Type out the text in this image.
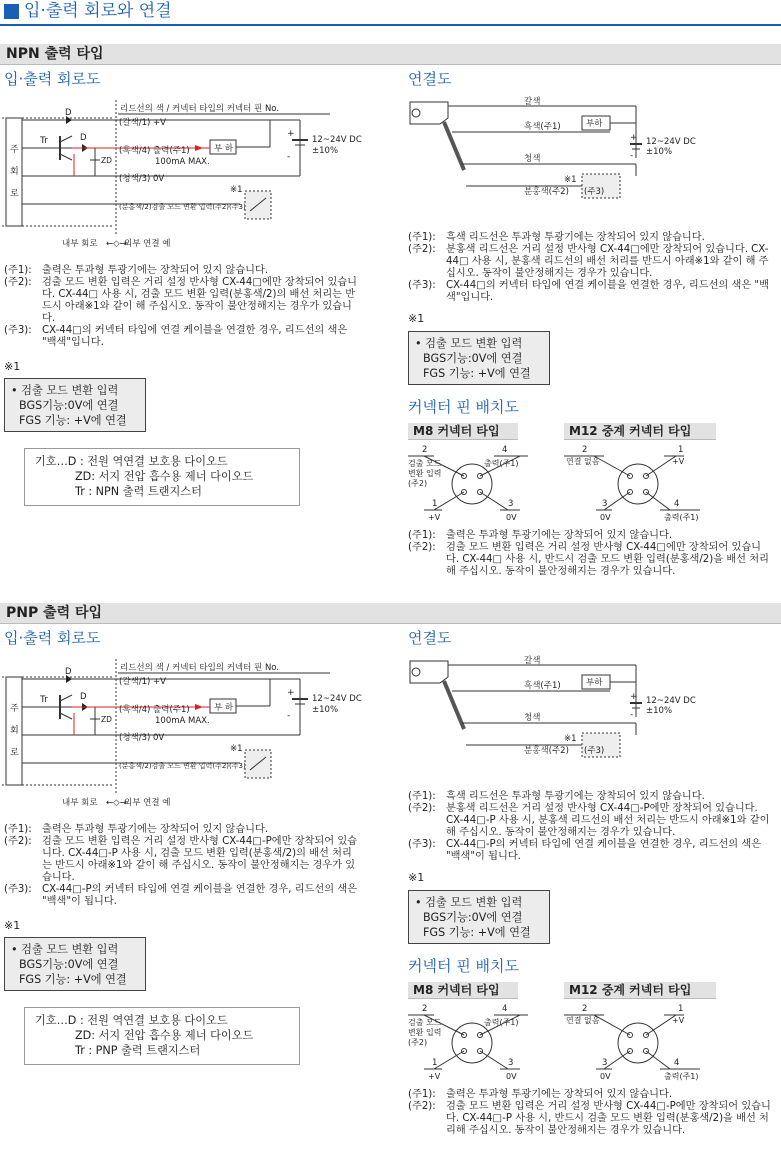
입·출력 회로와 연결
NPN 출력 타입
입·출력 회로도	연결도
리드선의 색 / 커넥터 타입의 커넥터 핀 No.
(갈색/1) +V
(흑색/4) 출력(주1)
(청색/3) 0V
(분홍색/2)검출 모드 변환 입력(주2)(주3)
부 하
100mA MAX.
12~24V DC
±10%
+
-
※1
D
D
Tr
ZD
주
회
로
내부 회로	외부 연결 예
←◇→
갈색
흑색(주1)	부하
청색
분홍색(주2) (주3)
※1
+
-
12~24V DC
±10%
(주1):	출력은 투과형 투광기에는 장착되어 있지 않습니다.
(주2):	검출 모드 변환 입력은 거리 설정 반사형 CX-44□에만 장착되어 있습니다. CX-44□ 사용 시, 검출 모드 변환 입력(분홍색/2)의 배선 처리는 반드시 아래※1와 같이 해 주십시오. 동작이 불안정해지는 경우가 있습니다.
(주3):	CX-44□의 커넥터 타입에 연결 케이블을 연결한 경우, 리드선의 색은 "백색"입니다.
※1
• 검출 모드 변환 입력
BGS기능:0V에 연결
FGS 기능: +V에 연결
기호…D : 전원 역연결 보호용 다이오드
ZD: 서지 전압 흡수용 제너 다이오드
Tr : NPN 출력 트랜지스터
(주1):	흑색 리드선은 투과형 투광기에는 장착되어 있지 않습니다.
(주2):	분홍색 리드선은 거리 설정 반사형 CX-44□에만 장착되어 있습니다. CX-44□ 사용 시, 분홍색 리드선의 배선 처리를 반드시 아래※1와 같이 해 주십시오. 동작이 불안정해지는 경우가 있습니다.
(주3):	CX-44□의 커넥터 타입에 연결 케이블을 연결한 경우, 리드선의 색은 "백색"입니다.
※1
• 검출 모드 변환 입력
BGS기능:0V에 연결
FGS 기능: +V에 연결
커넥터 핀 배치도
M8 커넥터 타입	M12 중계 커넥터 타입
2
검출 모드
변환 입력
(주2)
4
출력(주1)
1
+V
3
0V
2
연결 없음
1
+V
3
0V
4
출력(주1)
(주1):	출력은 투과형 투광기에는 장착되어 있지 않습니다.
(주2):	검출 모드 변환 입력은 거리 설정 반사형 CX-44□에만 장착되어 있습니다. CX-44□ 사용 시, 반드시 검출 모드 변환 입력(분홍색/2)을 배선 처리해 주십시오. 동작이 불안정해지는 경우가 있습니다.
PNP 출력 타입
입·출력 회로도	연결도
리드선의 색 / 커넥터 타입의 커넥터 핀 No.
(갈색/1) +V
(흑색/4) 출력(주1)
(청색/3) 0V
(분홍색/2)검출 모드 변환 입력(주2)(주3)
부 하
100mA MAX.
12~24V DC
±10%
+
-
※1
D
D
Tr
ZD
주
회
로
내부 회로	외부 연결 예
←◇→
갈색
흑색(주1)	부하
청색
분홍색(주2) (주3)
※1
+
-
12~24V DC
±10%
(주1):	출력은 투과형 투광기에는 장착되어 있지 않습니다.
(주2):	검출 모드 변환 입력은 거리 설정 반사형 CX-44□-P에만 장착되어 있습니다. CX-44□-P 사용 시, 검출 모드 변환 입력(분홍색/2)의 배선 처리는 반드시 아래※1와 같이 해 주십시오. 동작이 불안정해지는 경우가 있습니다.
(주3):	CX-44□-P의 커넥터 타입에 연결 케이블을 연결한 경우, 리드선의 색은 "백색"이 됩니다.
※1
• 검출 모드 변환 입력
BGS기능:0V에 연결
FGS 기능: +V에 연결
기호…D : 전원 역연결 보호용 다이오드
ZD: 서지 전압 흡수용 제너 다이오드
Tr : PNP 출력 트랜지스터
(주1):	흑색 리드선은 투과형 투광기에는 장착되어 있지 않습니다.
(주2):	분홍색 리드선은 거리 설정 반사형 CX-44□-P에만 장착되어 있습니다. CX-44□-P 사용 시, 분홍색 리드선의 배선 처리는 반드시 아래※1와 같이 해 주십시오. 동작이 불안정해지는 경우가 있습니다.
(주3):	CX-44□-P의 커넥터 타입에 연결 케이블을 연결한 경우, 리드선의 색은 "백색"이 됩니다.
※1
• 검출 모드 변환 입력
BGS기능:0V에 연결
FGS 기능: +V에 연결
커넥터 핀 배치도
M8 커넥터 타입	M12 중계 커넥터 타입
2
검출 모드
변환 입력
(주2)
4
출력(주1)
1
+V
3
0V
2
연결 없음
1
+V
3
0V
4
출력(주1)
(주1):	출력은 투과형 투광기에는 장착되어 있지 않습니다.
(주2):	검출 모드 변환 입력은 거리 설정 반사형 CX-44□-P에만 장착되어 있습니다. CX-44□-P 사용 시, 반드시 검출 모드 변환 입력(분홍색/2)을 배선 처리해 주십시오. 동작이 불안정해지는 경우가 있습니다.
